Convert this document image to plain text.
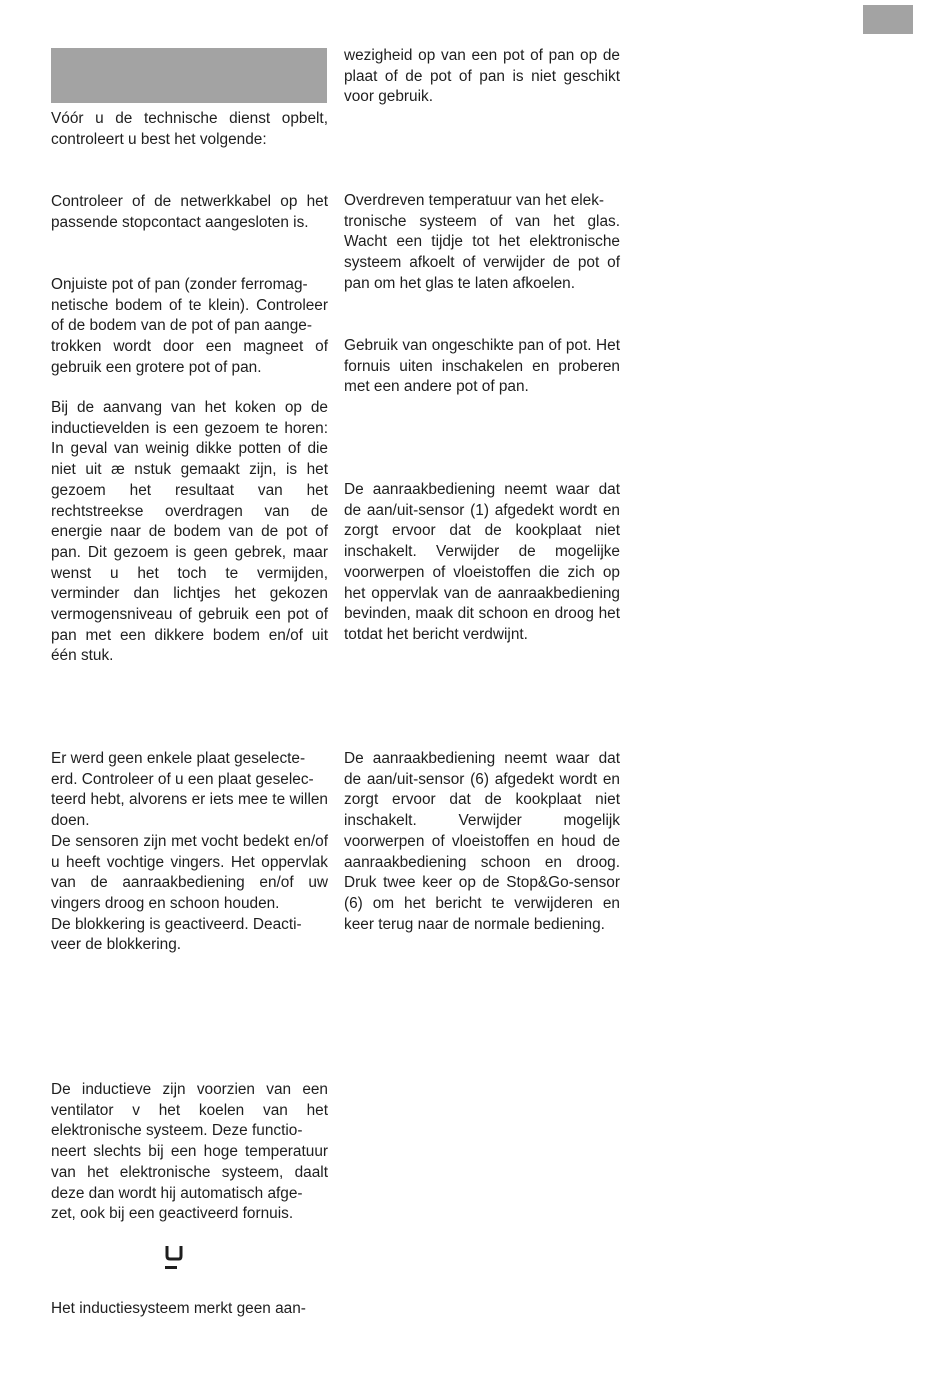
Vóór u de technische dienst opbelt, controleert u best het volgende:

Controleer of de netwerkkabel op het passende stopcontact aangesloten is.

Onjuiste pot of pan (zonder ferromag-
netische bodem of te klein). Controleer of de bodem van de pot of pan aange-
trokken wordt door een magneet of gebruik een grotere pot of pan.

Bij de aanvang van het koken op de inductievelden is een gezoem te horen: In geval van weinig dikke potten of die niet uit æ nstuk gemaakt zijn, is het gezoem het resultaat van het rechtstreekse overdragen van de energie naar de bodem van de pot of pan. Dit gezoem is geen gebrek, maar wenst u het toch te vermijden, verminder dan lichtjes het gekozen vermogensniveau of gebruik een pot of pan met een dikkere bodem en/of uit één stuk.

Er werd geen enkele plaat geselecte-
erd. Controleer of u een plaat geselec-
teerd hebt, alvorens er iets mee te willen doen.
De sensoren zijn met vocht bedekt en/of u heeft vochtige vingers. Het oppervlak van de aanraakbediening en/of uw vingers droog en schoon houden.
De blokkering is geactiveerd. Deacti-
veer de blokkering.

De inductieve zijn voorzien van een ventilator v het koelen van het elektronische systeem. Deze functio-
neert slechts bij een hoge temperatuur van het elektronische systeem, daalt deze dan wordt hij automatisch afge-
zet, ook bij een geactiveerd fornuis.

Het inductiesysteem merkt geen aan-

wezigheid op van een pot of pan op de plaat of de pot of pan is niet geschikt voor gebruik.

Overdreven temperatuur van het elek-
tronische systeem of van het glas. Wacht een tijdje tot het elektronische systeem afkoelt of verwijder de pot of pan om het glas te laten afkoelen.

Gebruik van ongeschikte pan of pot. Het fornuis uiten inschakelen en proberen met een andere pot of pan.

De aanraakbediening neemt waar dat de aan/uit-sensor (1) afgedekt wordt en zorgt ervoor dat de kookplaat niet inschakelt. Verwijder de mogelijke voorwerpen of vloeistoffen die zich op het oppervlak van de aanraakbediening bevinden, maak dit schoon en droog het totdat het bericht verdwijnt.

De aanraakbediening neemt waar dat de aan/uit-sensor (6) afgedekt wordt en zorgt ervoor dat de kookplaat niet inschakelt. Verwijder mogelijk voorwerpen of vloeistoffen en houd de aanraakbediening schoon en droog. Druk twee keer op de Stop&Go-sensor (6) om het bericht te verwijderen en keer terug naar de normale bediening.
